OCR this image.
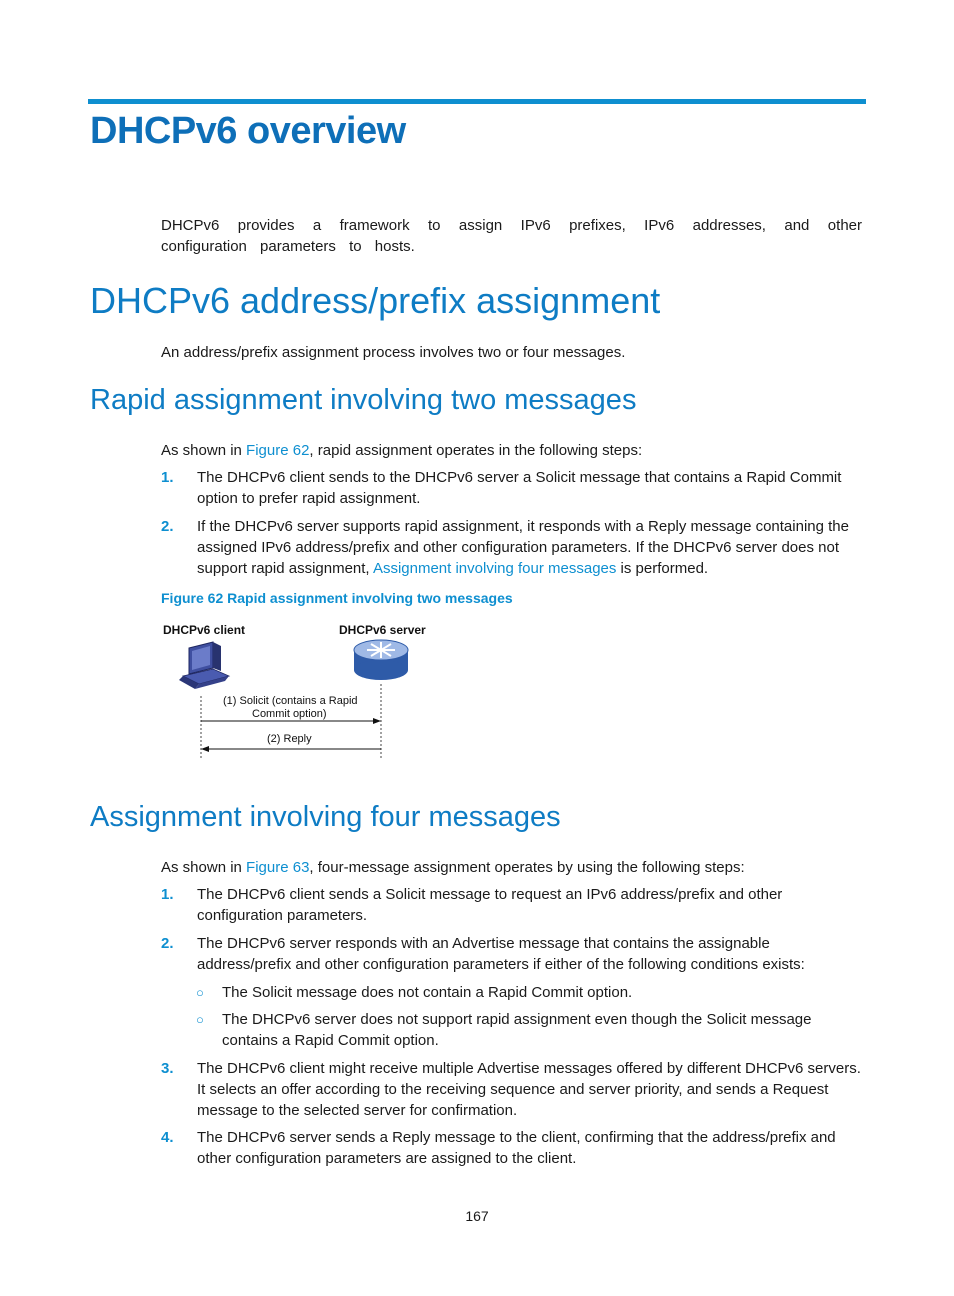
DHCPv6 overview

DHCPv6 provides a framework to assign IPv6 prefixes, IPv6 addresses, and other configuration parameters to hosts.

DHCPv6 address/prefix assignment

An address/prefix assignment process involves two or four messages.

Rapid assignment involving two messages

As shown in Figure 62, rapid assignment operates in the following steps:

1. The DHCPv6 client sends to the DHCPv6 server a Solicit message that contains a Rapid Commit option to prefer rapid assignment.
2. If the DHCPv6 server supports rapid assignment, it responds with a Reply message containing the assigned IPv6 address/prefix and other configuration parameters. If the DHCPv6 server does not support rapid assignment, Assignment involving four messages is performed.
Figure 62 Rapid assignment involving two messages
DHCPv6 client	DHCPv6 server
(1) Solicit (contains a Rapid
Commit option)
(2) Reply
Assignment involving four messages

As shown in Figure 63, four-message assignment operates by using the following steps:

1. The DHCPv6 client sends a Solicit message to request an IPv6 address/prefix and other configuration parameters.
2. The DHCPv6 server responds with an Advertise message that contains the assignable address/prefix and other configuration parameters if either of the following conditions exists:
○ The Solicit message does not contain a Rapid Commit option.
○ The DHCPv6 server does not support rapid assignment even though the Solicit message contains a Rapid Commit option.
3. The DHCPv6 client might receive multiple Advertise messages offered by different DHCPv6 servers. It selects an offer according to the receiving sequence and server priority, and sends a Request message to the selected server for confirmation.
4. The DHCPv6 server sends a Reply message to the client, confirming that the address/prefix and other configuration parameters are assigned to the client.
167
